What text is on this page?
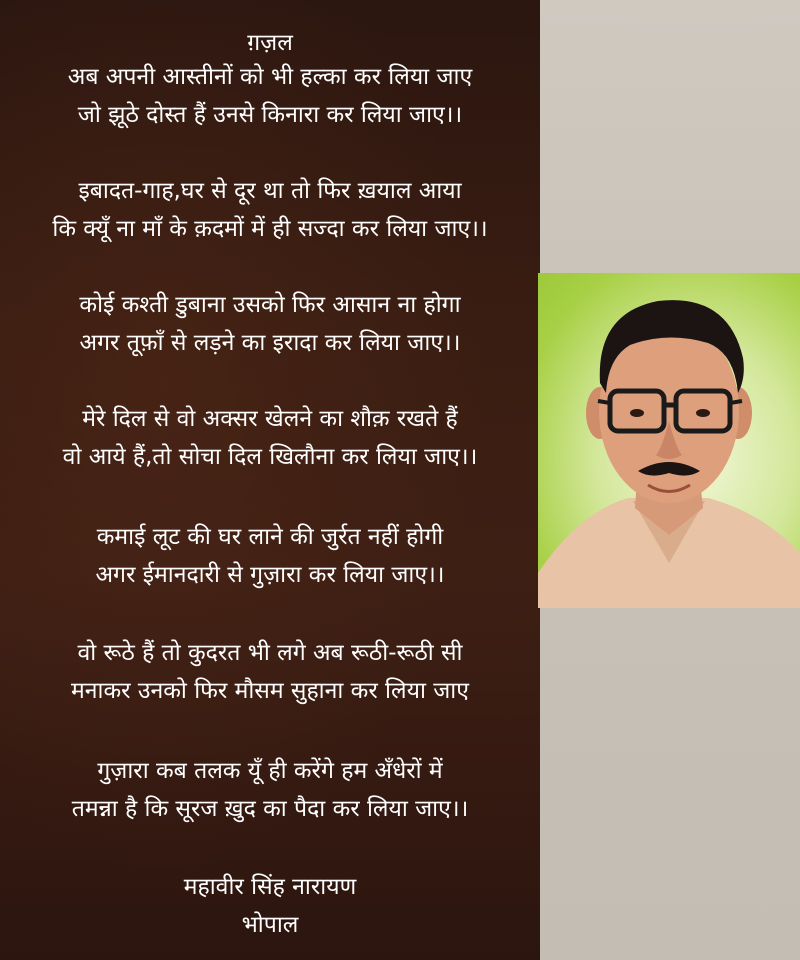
ग़ज़ल
अब अपनी आस्तीनों को भी हल्का कर लिया जाए
जो झूठे दोस्त हैं उनसे किनारा कर लिया जाए।।
इबादत-गाह,घर से दूर था तो फिर ख़याल आया
कि क्यूँ ना माँ के क़दमों में ही सज्दा कर लिया जाए।।
कोई कश्ती डुबाना उसको फिर आसान ना होगा
अगर तूफ़ाँ से लड़ने का इरादा कर लिया जाए।।
मेरे दिल से वो अक्सर खेलने का शौक़ रखते हैं
वो आये हैं,तो सोचा दिल खिलौना कर लिया जाए।।
कमाई लूट की घर लाने की जुर्रत नहीं होगी
अगर ईमानदारी से गुज़ारा कर लिया जाए।।
वो रूठे हैं तो कुदरत भी लगे अब रूठी-रूठी सी
मनाकर उनको फिर मौसम सुहाना कर लिया जाए
गुज़ारा कब तलक यूँ ही करेंगे हम अँधेरों में
तमन्ना है कि सूरज ख़ुद का पैदा कर लिया जाए।।
महावीर सिंह नारायण
भोपाल
